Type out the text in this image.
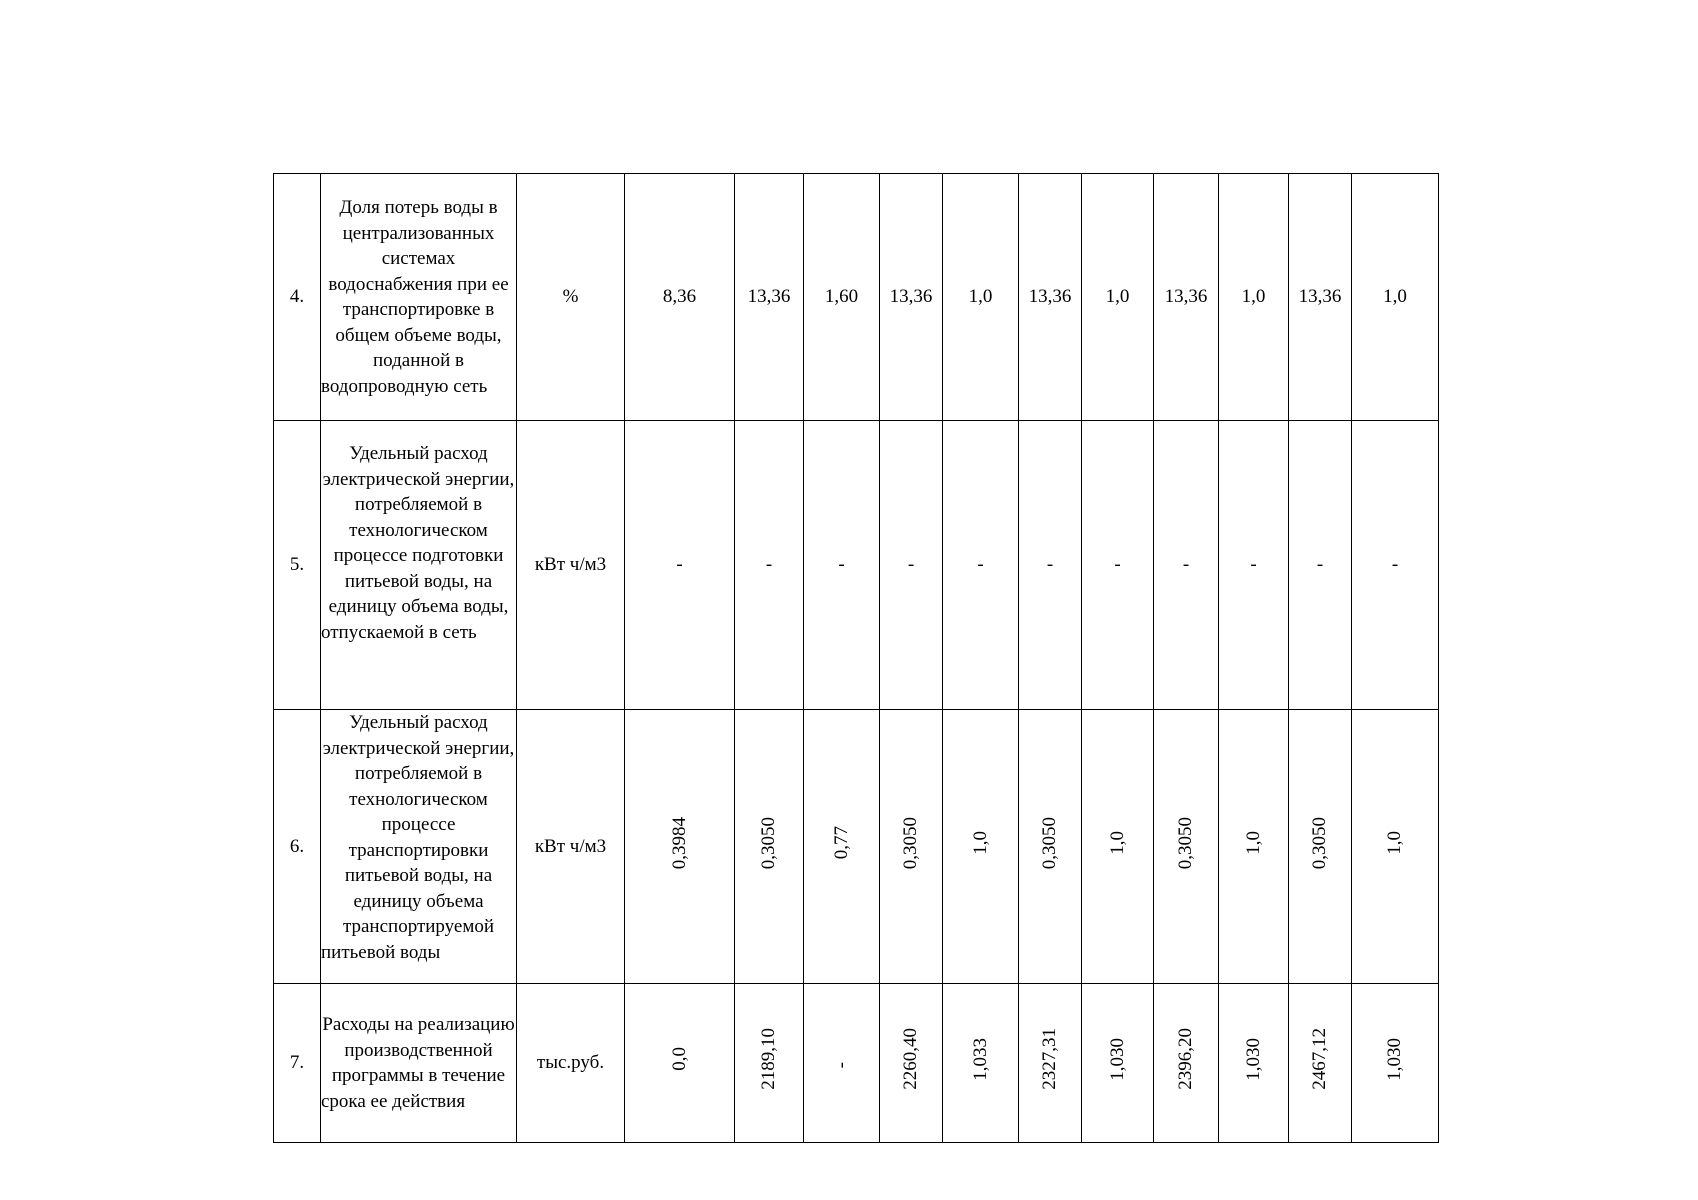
4.	Доля потерь воды в централизованных системах водоснабжения при ее транспортировке в общем объеме воды, поданной в водопроводную сеть	%	8,36	13,36	1,60	13,36	1,0	13,36	1,0	13,36	1,0	13,36	1,0
5.	Удельный расход электрической энергии, потребляемой в технологическом процессе подготовки питьевой воды, на единицу объема воды, отпускаемой в сеть	кВт ч/м3	-	-	-	-	-	-	-	-	-	-	-
6.	Удельный расход электрической энергии, потребляемой в технологическом процессе транспортировки питьевой воды, на единицу объема транспортируемой питьевой воды	кВт ч/м3	0,3984	0,3050	0,77	0,3050	1,0	0,3050	1,0	0,3050	1,0	0,3050	1,0
7.	Расходы на реализацию производственной программы в течение срока ее действия	тыс.руб.	0,0	2189,10	-	2260,40	1,033	2327,31	1,030	2396,20	1,030	2467,12	1,030
